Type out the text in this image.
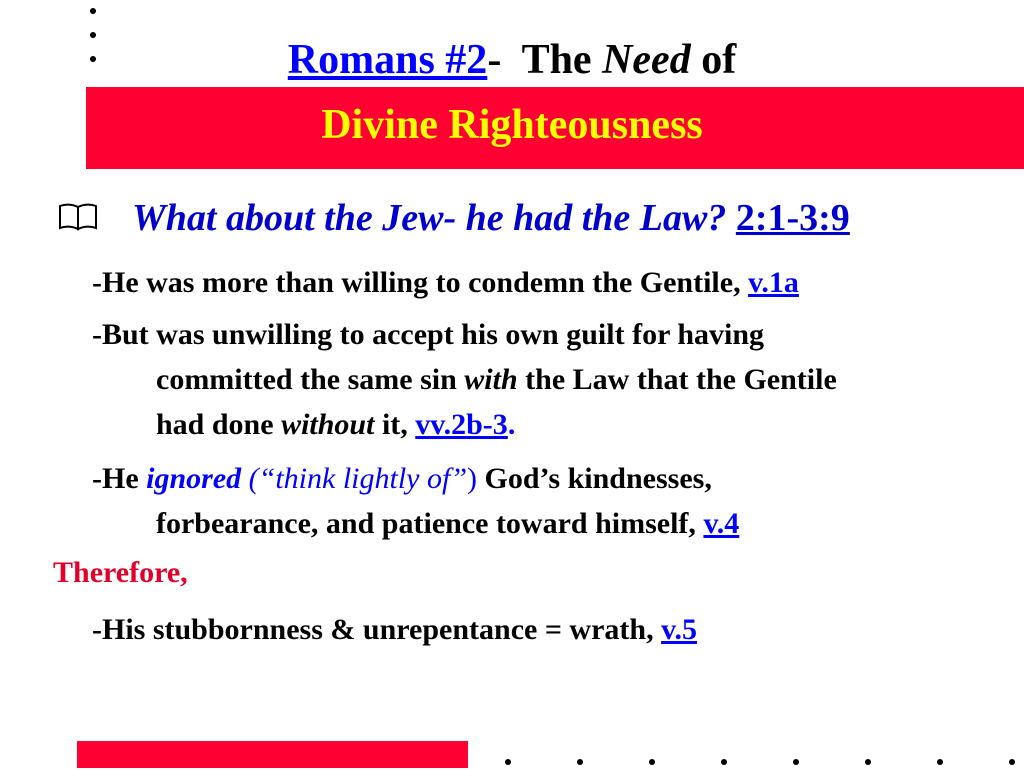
Romans #2- The Need of
Divine Righteousness
What about the Jew- he had the Law? 2:1-3:9
-He was more than willing to condemn the Gentile, v.1a
-But was unwilling to accept his own guilt for having
committed the same sin with the Law that the Gentile
had done without it, vv.2b-3.
-He ignored (“think lightly of”) God’s kindnesses,
forbearance, and patience toward himself, v.4
Therefore,
-His stubbornness & unrepentance = wrath, v.5
